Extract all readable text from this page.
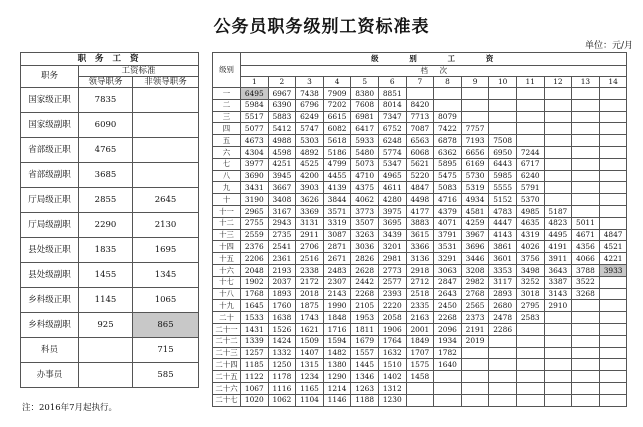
公务员职务级别工资标准表
单位：元/月
职 务 工 资		
职务	工资标准	
	领导职务	非领导职务
国家级正职	7835	
国家级副职	6090	
省部级正职	4765	
省部级副职	3685	
厅局级正职	2855	2645
厅局级副职	2290	2130
县处级正职	1835	1695
县处级副职	1455	1345
乡科级正职	1145	1065
乡科级副职	925	865
科员		715
办事员		585

级别	级     别     工     资													
	档     次													
	1	2	3	4	5	6	7	8	9	10	11	12	13	14
一	6495	6967	7438	7909	8380	8851								
二	5984	6390	6796	7202	7608	8014	8420							
三	5517	5883	6249	6615	6981	7347	7713	8079						
四	5077	5412	5747	6082	6417	6752	7087	7422	7757					
五	4673	4988	5303	5618	5933	6248	6563	6878	7193	7508				
六	4304	4598	4892	5186	5480	5774	6068	6362	6656	6950	7244			
七	3977	4251	4525	4799	5073	5347	5621	5895	6169	6443	6717			
八	3690	3945	4200	4455	4710	4965	5220	5475	5730	5985	6240			
九	3431	3667	3903	4139	4375	4611	4847	5083	5319	5555	5791			
十	3190	3408	3626	3844	4062	4280	4498	4716	4934	5152	5370			
十一	2965	3167	3369	3571	3773	3975	4177	4379	4581	4783	4985	5187		
十二	2755	2943	3131	3319	3507	3695	3883	4071	4259	4447	4635	4823	5011	
十三	2559	2735	2911	3087	3263	3439	3615	3791	3967	4143	4319	4495	4671	4847
十四	2376	2541	2706	2871	3036	3201	3366	3531	3696	3861	4026	4191	4356	4521
十五	2206	2361	2516	2671	2826	2981	3136	3291	3446	3601	3756	3911	4066	4221
十六	2048	2193	2338	2483	2628	2773	2918	3063	3208	3353	3498	3643	3788	3933
十七	1902	2037	2172	2307	2442	2577	2712	2847	2982	3117	3252	3387	3522	
十八	1768	1893	2018	2143	2268	2393	2518	2643	2768	2893	3018	3143	3268	
十九	1645	1760	1875	1990	2105	2220	2335	2450	2565	2680	2795	2910		
二十	1533	1638	1743	1848	1953	2058	2163	2268	2373	2478	2583			
二十一	1431	1526	1621	1716	1811	1906	2001	2096	2191	2286				
二十二	1339	1424	1509	1594	1679	1764	1849	1934	2019					
二十三	1257	1332	1407	1482	1557	1632	1707	1782						
二十四	1185	1250	1315	1380	1445	1510	1575	1640						
二十五	1122	1178	1234	1290	1346	1402	1458							
二十六	1067	1116	1165	1214	1263	1312								
二十七	1020	1062	1104	1146	1188	1230								
注：2016年7月起执行。
